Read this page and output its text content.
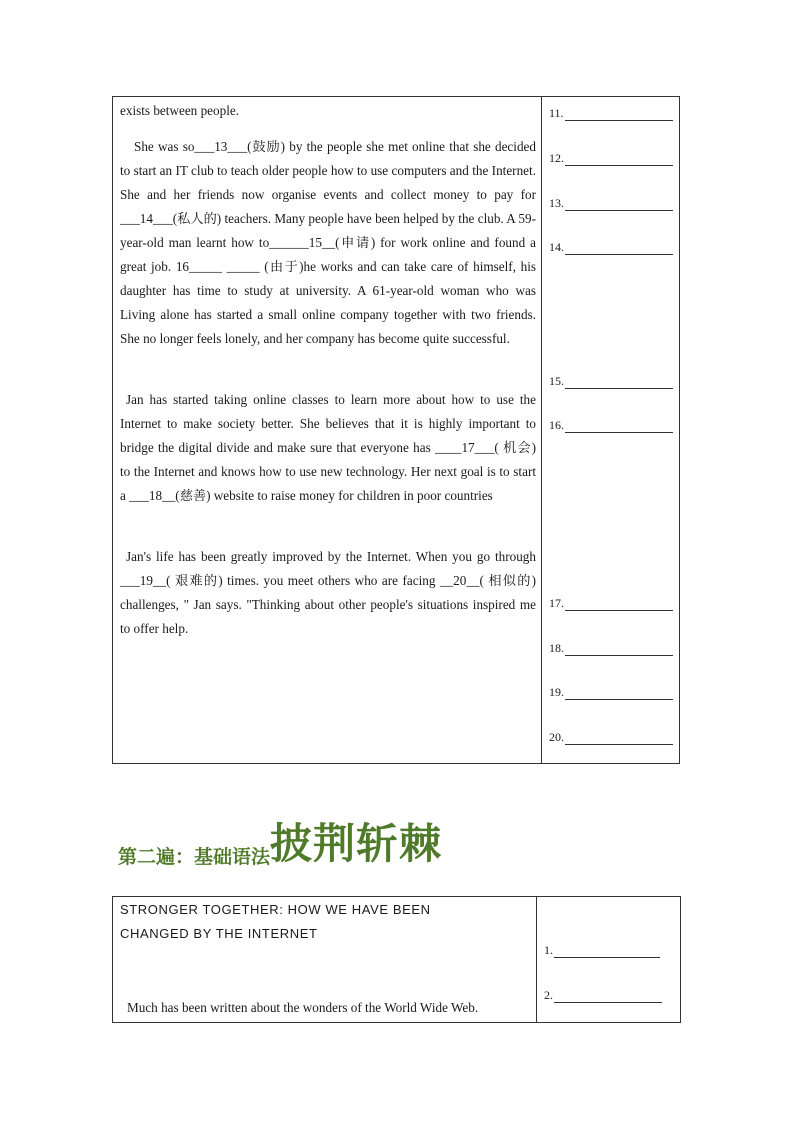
exists between people.

She was so___13___(鼓励) by the people she met online that she decided to start an IT club to teach older people how to use computers and the Internet. She and her friends now organise events and collect money to pay for ___14___(私人的) teachers. Many people have been helped by the club. A 59-year-old man learnt how to______15__(申请) for work online and found a great job. 16_____ _____ (由于)he works and can take care of himself, his daughter has time to study at university. A 61-year-old woman who was Living alone has started a small online company together with two friends. She no longer feels lonely, and her company has become quite successful.

Jan has started taking online classes to learn more about how to use the Internet to make society better. She believes that it is highly important to bridge the digital divide and make sure that everyone has ____17___( 机会) to the Internet and knows how to use new technology. Her next goal is to start a ___18__(慈善) website to raise money for children in poor countries

Jan's life has been greatly improved by the Internet. When you go through ___19__( 艰难的) times. you meet others who are facing __20__( 相似的) challenges, " Jan says. "Thinking about other people's situations inspired me to offer help.

11.
12.
13.
14.
15.
16.
17.
18.
19.
20.
第二遍：基础语法 披荆斩棘
STRONGER TOGETHER: HOW WE HAVE BEEN
CHANGED BY THE INTERNET
Much has been written about the wonders of the World Wide Web.
1.
2.
